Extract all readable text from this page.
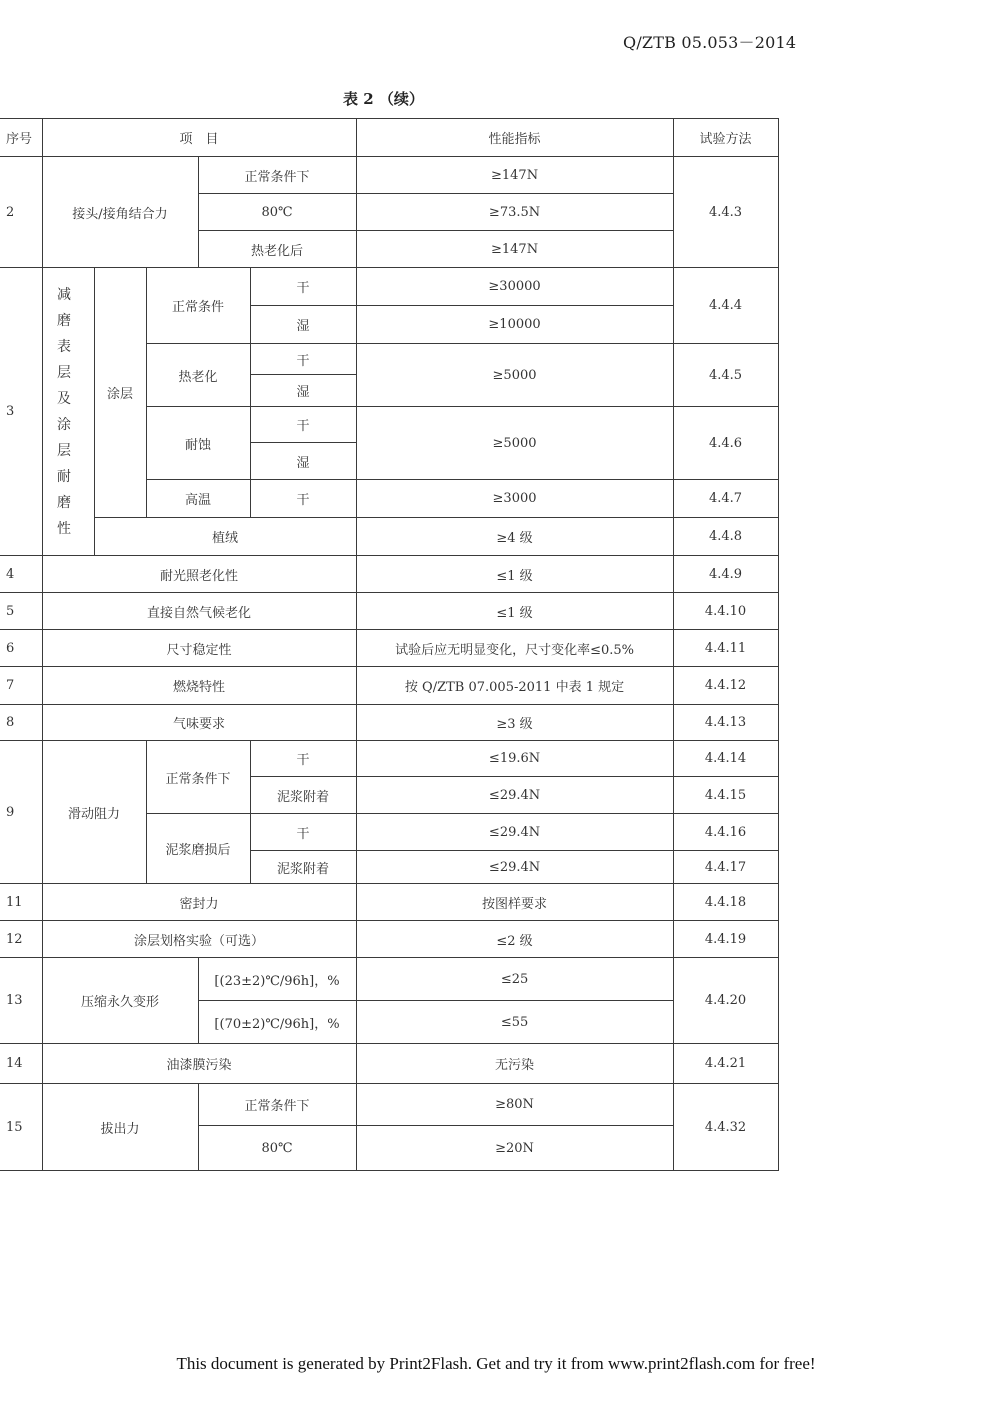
Q/ZTB 05.053－2014
表 2 （续）
序号	项　目					性能指标	试验方法
2	接头/接角结合力			正常条件下		≥147N	4.4.3
				80℃		≥73.5N	
				热老化后		≥147N	
3	减磨表层及涂层耐磨性	涂层	正常条件		干	≥30000	4.4.4
					湿	≥10000	
			热老化		干	≥5000	4.4.5
					湿		
			耐蚀		干	≥5000	4.4.6
					湿		
			高温		干	≥3000	4.4.7
		植绒				≥4 级	4.4.8
4	耐光照老化性					≤1 级	4.4.9
5	直接自然气候老化					≤1 级	4.4.10
6	尺寸稳定性					试验后应无明显变化，尺寸变化率≤0.5%	4.4.11
7	燃烧特性					按 Q/ZTB 07.005-2011 中表 1 规定	4.4.12
8	气味要求					≥3 级	4.4.13
9	滑动阻力		正常条件下		干	≤19.6N	4.4.14
					泥浆附着	≤29.4N	4.4.15
			泥浆磨损后		干	≤29.4N	4.4.16
					泥浆附着	≤29.4N	4.4.17
11	密封力					按图样要求	4.4.18
12	涂层划格实验（可选）					≤2 级	4.4.19
13	压缩永久变形			[(23±2)℃/96h]，%		≤25	4.4.20
				[(70±2)℃/96h]，%		≤55	
14	油漆膜污染					无污染	4.4.21
15	拔出力			正常条件下		≥80N	4.4.32
				80℃		≥20N	
This document is generated by Print2Flash. Get and try it from www.print2flash.com for free!
